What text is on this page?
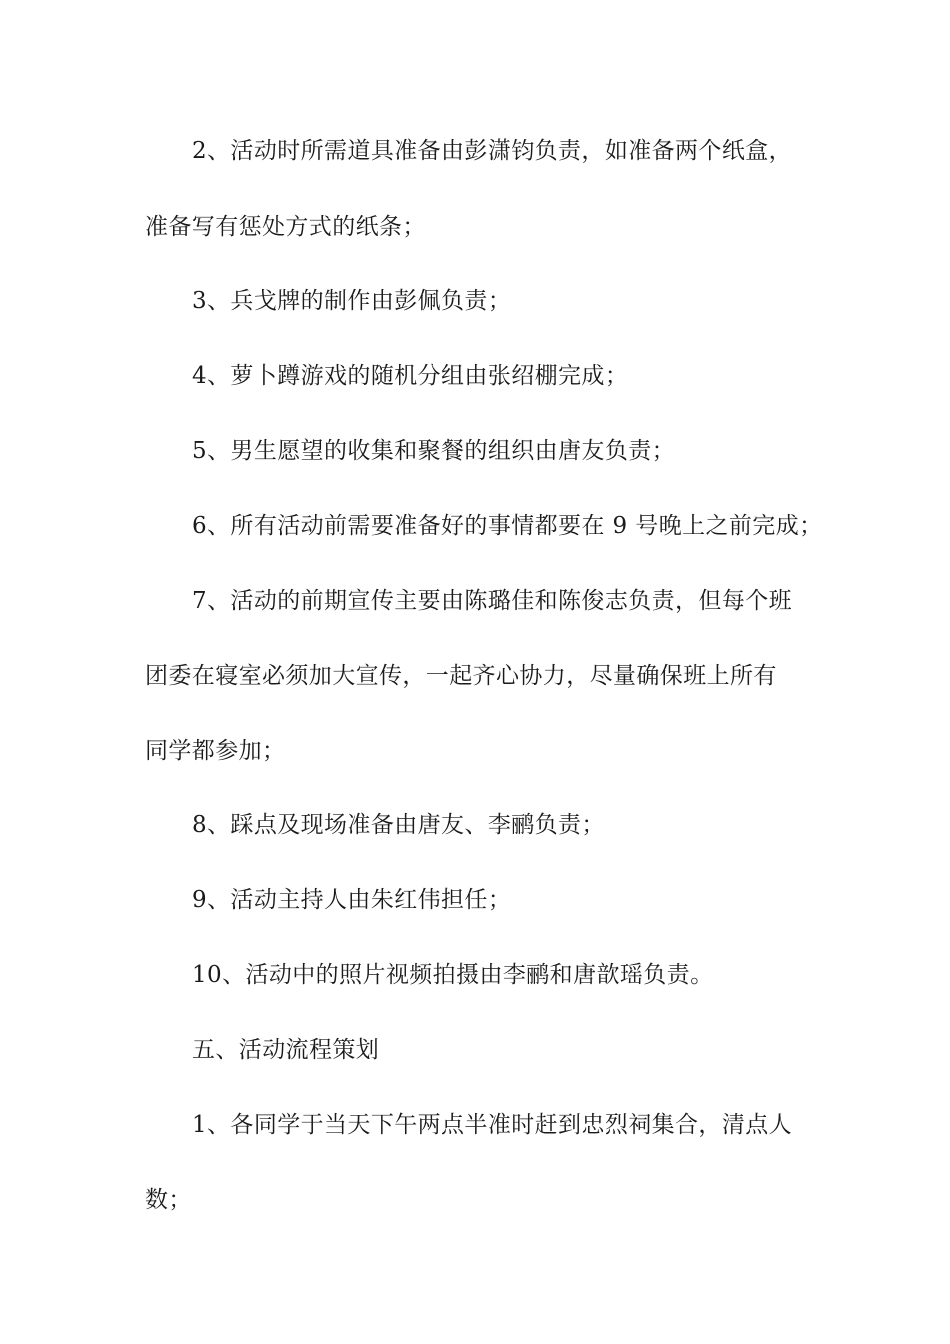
2、活动时所需道具准备由彭潇钧负责，如准备两个纸盒，

准备写有惩处方式的纸条；

3、兵戈牌的制作由彭佩负责；

4、萝卜蹲游戏的随机分组由张绍棚完成；

5、男生愿望的收集和聚餐的组织由唐友负责；

6、所有活动前需要准备好的事情都要在 9 号晚上之前完成；

7、活动的前期宣传主要由陈璐佳和陈俊志负责，但每个班

团委在寝室必须加大宣传，一起齐心协力，尽量确保班上所有

同学都参加；

8、踩点及现场准备由唐友、李鹂负责；

9、活动主持人由朱红伟担任；

10、活动中的照片视频拍摄由李鹂和唐歆瑶负责。

五、活动流程策划

1、各同学于当天下午两点半准时赶到忠烈祠集合，清点人

数；
